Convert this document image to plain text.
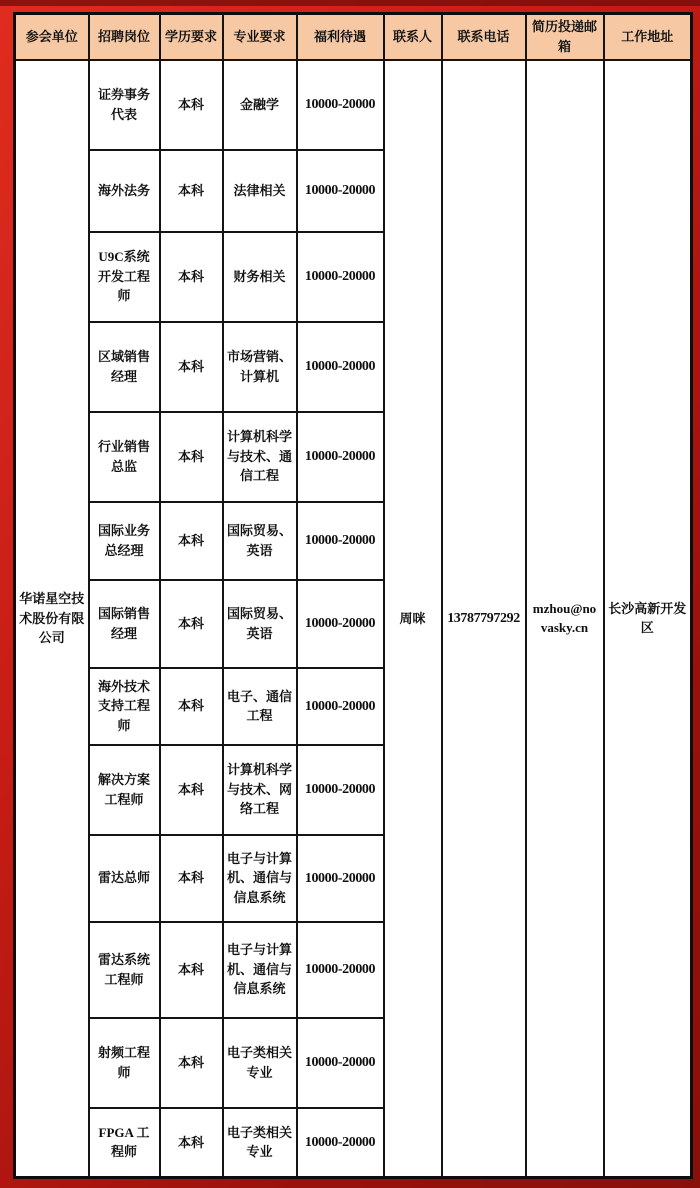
参会单位	招聘岗位	学历要求	专业要求	福利待遇	联系人	联系电话	简历投递邮箱	工作地址
华诺星空技术股份有限公司	证券事务代表	本科	金融学	10000-20000	周咪	13787797292	mzhou@novasky.cn	长沙高新开发区
	海外法务	本科	法律相关	10000-20000				
	U9C系统开发工程师	本科	财务相关	10000-20000				
	区域销售经理	本科	市场营销、计算机	10000-20000				
	行业销售总监	本科	计算机科学与技术、通信工程	10000-20000				
	国际业务总经理	本科	国际贸易、英语	10000-20000				
	国际销售经理	本科	国际贸易、英语	10000-20000				
	海外技术支持工程师	本科	电子、通信工程	10000-20000				
	解决方案工程师	本科	计算机科学与技术、网络工程	10000-20000				
	雷达总师	本科	电子与计算机、通信与信息系统	10000-20000				
	雷达系统工程师	本科	电子与计算机、通信与信息系统	10000-20000				
	射频工程师	本科	电子类相关专业	10000-20000				
	FPGA 工程师	本科	电子类相关专业	10000-20000				
